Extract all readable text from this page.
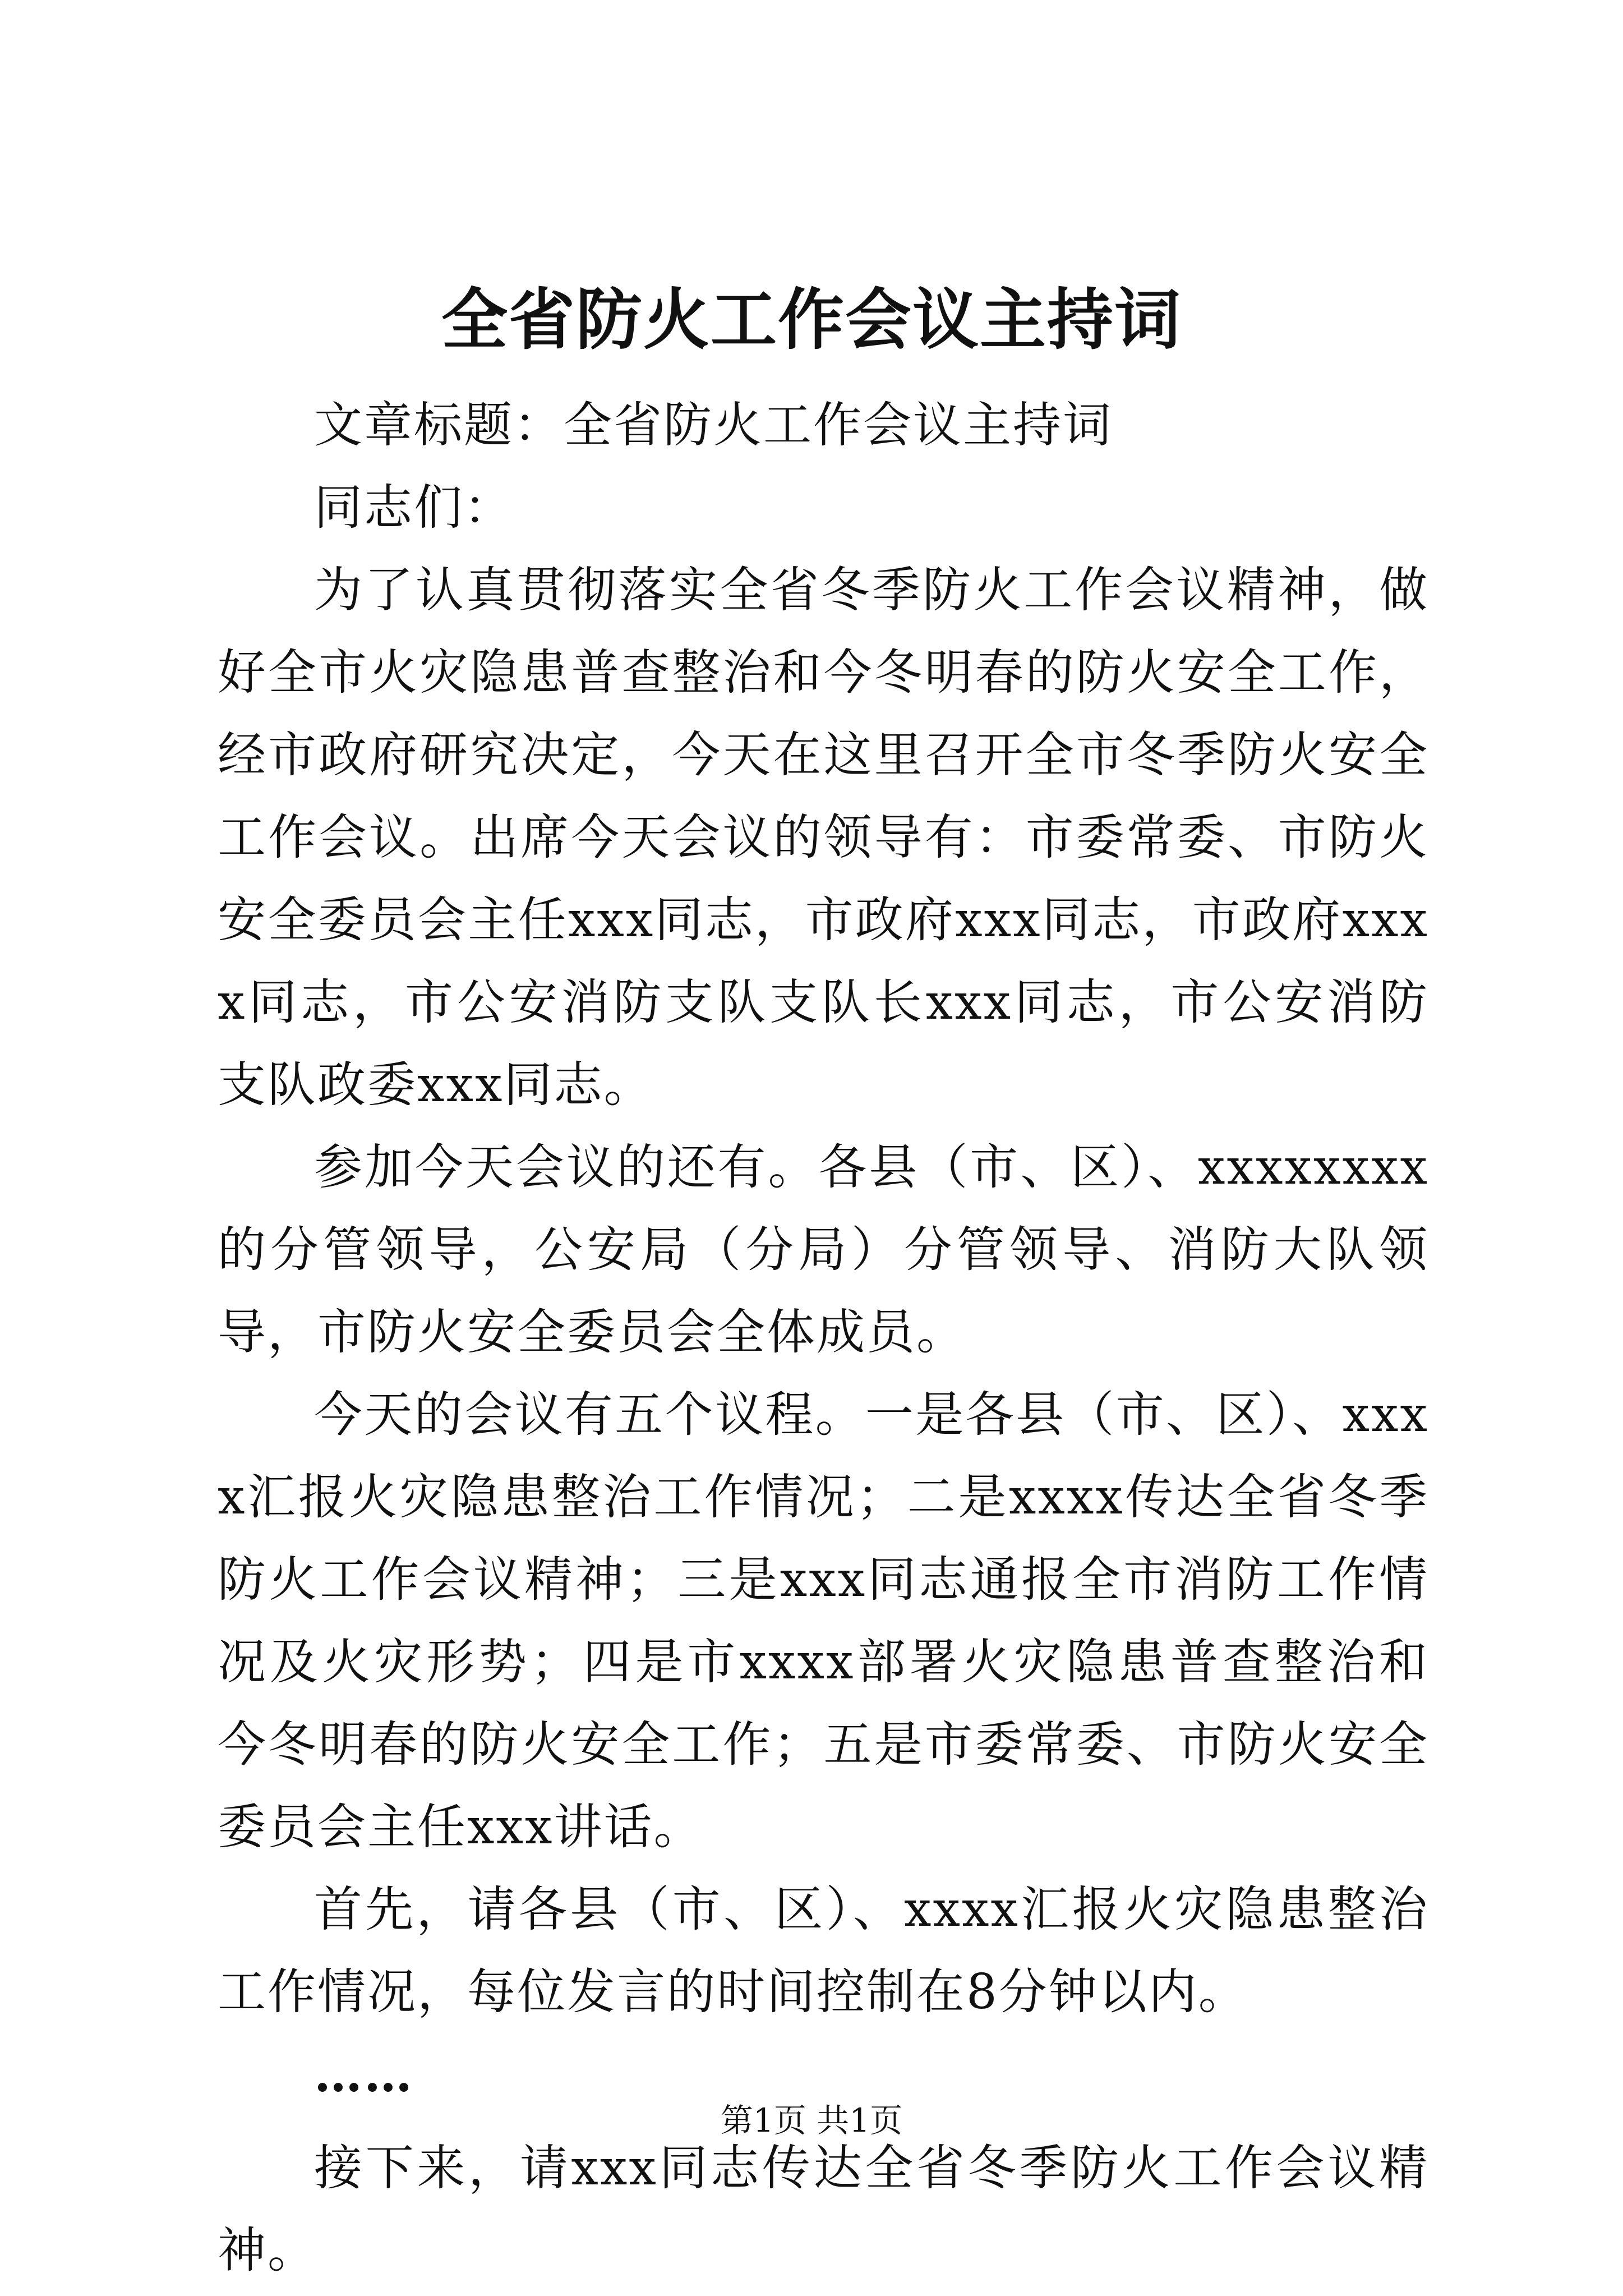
全省防火工作会议主持词

文章标题：全省防火工作会议主持词

同志们：

为了认真贯彻落实全省冬季防火工作会议精神，做好全市火灾隐患普查整治和今冬明春的防火安全工作，经市政府研究决定，今天在这里召开全市冬季防火安全工作会议。出席今天会议的领导有：市委常委、市防火安全委员会主任xxx同志，市政府xxx同志，市政府xxxx同志，市公安消防支队支队长xxx同志，市公安消防支队政委xxx同志。

参加今天会议的还有。各县（市、区）、xxxxxxxx的分管领导，公安局（分局）分管领导、消防大队领导，市防火安全委员会全体成员。

今天的会议有五个议程。一是各县（市、区）、xxxx汇报火灾隐患整治工作情况；二是xxxx传达全省冬季防火工作会议精神；三是xxx同志通报全市消防工作情况及火灾形势；四是市xxxx部署火灾隐患普查整治和今冬明春的防火安全工作；五是市委常委、市防火安全委员会主任xxx讲话。

首先，请各县（市、区）、xxxx汇报火灾隐患整治工作情况，每位发言的时间控制在8分钟以内。

……

接下来，请xxx同志传达全省冬季防火工作会议精神。

第1页 共1页
